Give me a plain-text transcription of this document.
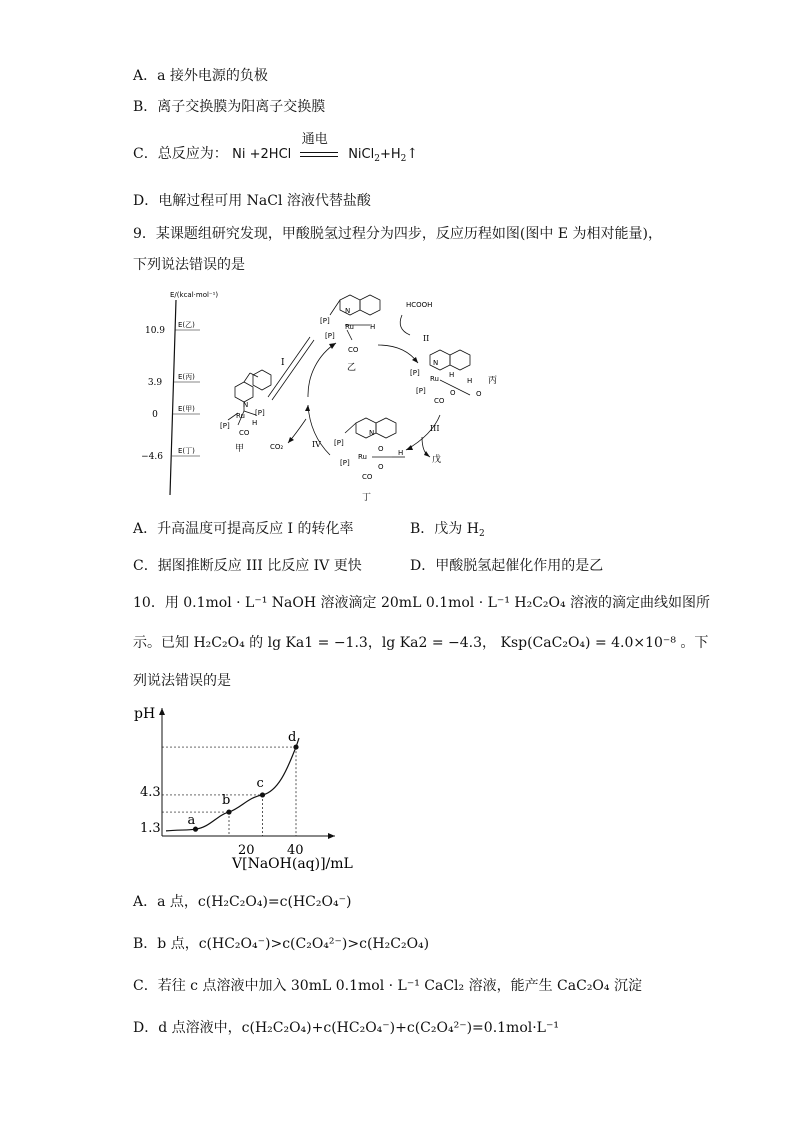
A．a 接外电源的负极
B．离子交换膜为阳离子交换膜
C．总反应为： Ni +2HCl
通电
$NiCl_2+H_2↑$
D．电解过程可用 NaCl 溶液代替盐酸
9．某课题组研究发现，甲酸脱氢过程分为四步，反应历程如图(图中 E 为相对能量)，
下列说法错误的是
E/(kcal·mol⁻¹)
10.9
3.9
0
−4.6
E(乙)
E(丙)
E(甲)
E(丁)
N
Ru [P]
[P]	H
CO
甲
I
N
[P]
Ru H
[P]
CO
乙
HCOOH
II
N
[P]
Ru H
[P]	O
H
O
CO
丙
III
戊
N
[P]
Ru
O
O
H
[P]
CO
丁
IV
CO₂
A．升高温度可提高反应 I 的转化率	B．戊为 $H_2$
C．据图推断反应 III 比反应 IV 更快	D．甲酸脱氢起催化作用的是乙
10．用 0.1mol · L⁻¹ NaOH 溶液滴定 20mL 0.1mol · L⁻¹ H₂C₂O₄ 溶液的滴定曲线如图所
示。已知 H₂C₂O₄ 的 lg Ka1 = −1.3，lg Ka2 = −4.3， Ksp(CaC₂O₄) = 4.0×10⁻⁸ 。下
列说法错误的是
pH
V[NaOH(aq)]/mL
20 40
4.3
1.3
a
b
c
d
A．a 点，c(H₂C₂O₄)=c(HC₂O₄⁻)
B．b 点，c(HC₂O₄⁻)>c(C₂O₄²⁻)>c(H₂C₂O₄)
C．若往 c 点溶液中加入 30mL 0.1mol · L⁻¹ CaCl₂ 溶液，能产生 CaC₂O₄ 沉淀
D．d 点溶液中，c(H₂C₂O₄)+c(HC₂O₄⁻)+c(C₂O₄²⁻)=0.1mol·L⁻¹
